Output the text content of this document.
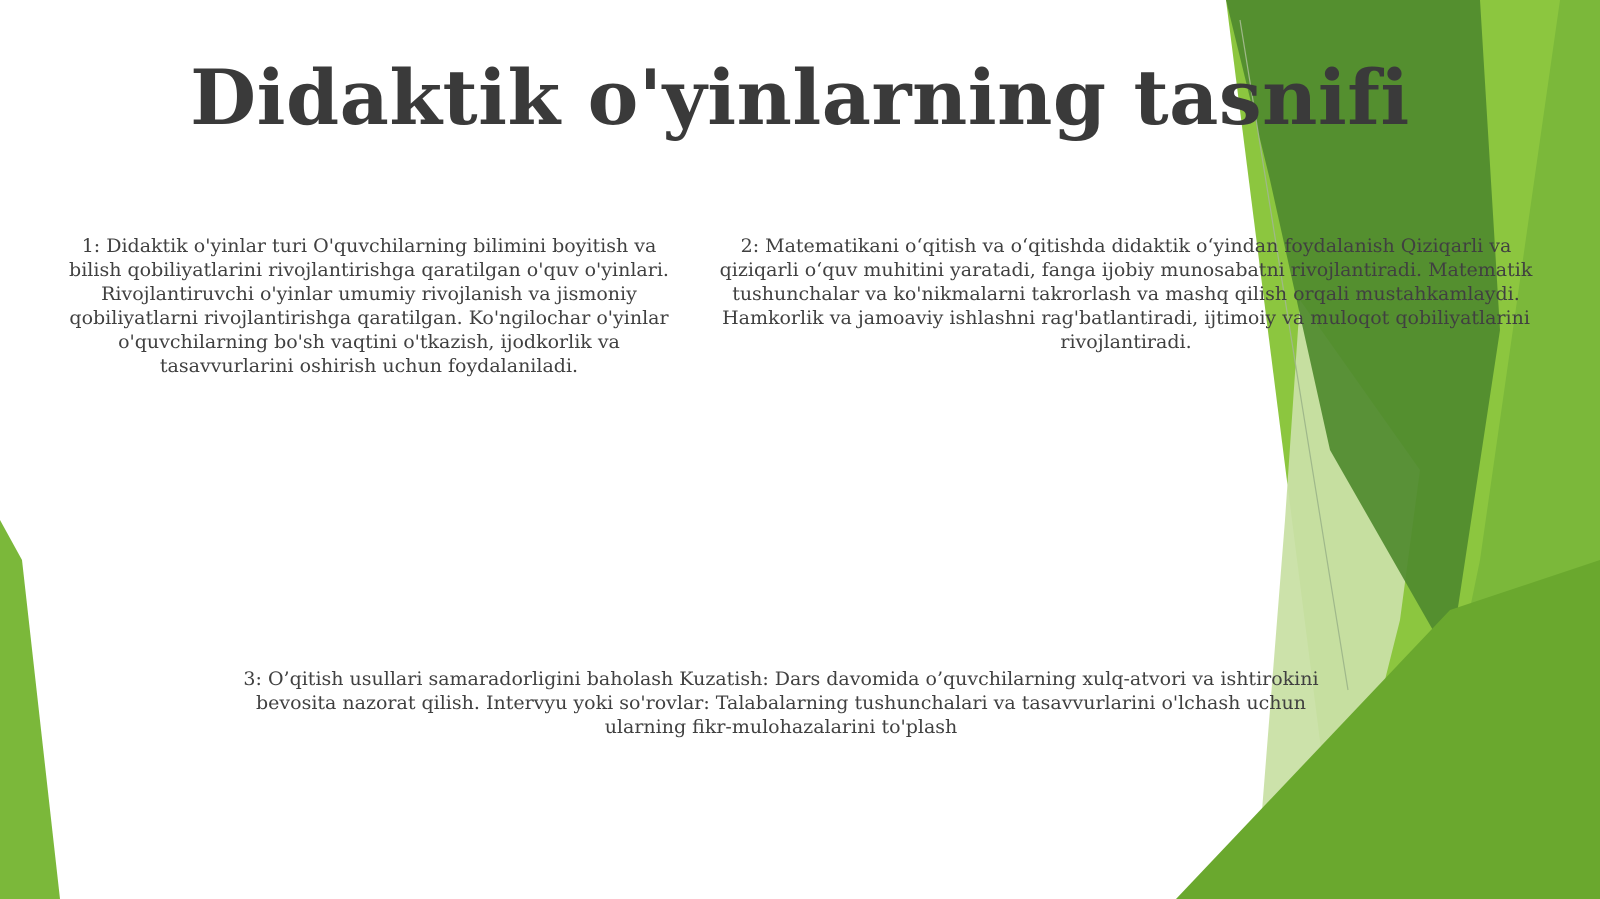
Didaktik o'yinlarning tasnifi
1: Didaktik o'yinlar turi O'quvchilarning bilimini boyitish va bilish qobiliyatlarini rivojlantirishga qaratilgan o'quv o'yinlari. Rivojlantiruvchi o'yinlar umumiy rivojlanish va jismoniy qobiliyatlarni rivojlantirishga qaratilgan. Ko'ngilochar o'yinlar o'quvchilarning bo'sh vaqtini o'tkazish, ijodkorlik va tasavvurlarini oshirish uchun foydalaniladi.
2: Matematikani o‘qitish va o‘qitishda didaktik o‘yindan foydalanish Qiziqarli va qiziqarli o‘quv muhitini yaratadi, fanga ijobiy munosabatni rivojlantiradi. Matematik tushunchalar va ko'nikmalarni takrorlash va mashq qilish orqali mustahkamlaydi. Hamkorlik va jamoaviy ishlashni rag'batlantiradi, ijtimoiy va muloqot qobiliyatlarini rivojlantiradi.
3: O’qitish usullari samaradorligini baholash Kuzatish: Dars davomida o’quvchilarning xulq-atvori va ishtirokini bevosita nazorat qilish. Intervyu yoki so'rovlar: Talabalarning tushunchalari va tasavvurlarini o'lchash uchun ularning fikr-mulohazalarini to'plash
